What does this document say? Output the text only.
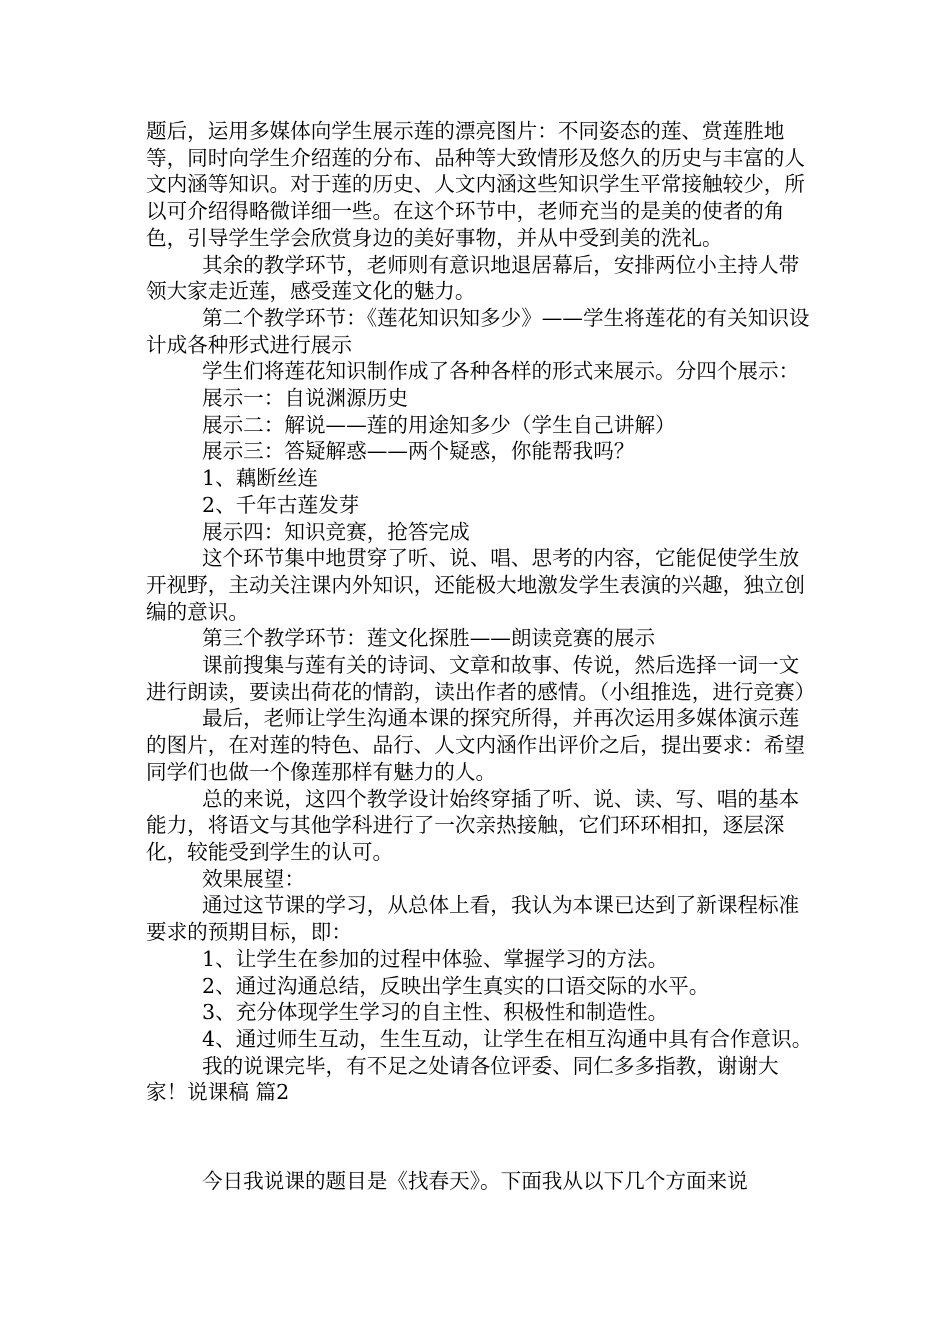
题后，运用多媒体向学生展示莲的漂亮图片：不同姿态的莲、赏莲胜地等，同时向学生介绍莲的分布、品种等大致情形及悠久的历史与丰富的人文内涵等知识。对于莲的历史、人文内涵这些知识学生平常接触较少，所以可介绍得略微详细一些。在这个环节中，老师充当的是美的使者的角色，引导学生学会欣赏身边的美好事物，并从中受到美的洗礼。

其余的教学环节，老师则有意识地退居幕后，安排两位小主持人带领大家走近莲，感受莲文化的魅力。

第二个教学环节：《莲花知识知多少》——学生将莲花的有关知识设计成各种形式进行展示

学生们将莲花知识制作成了各种各样的形式来展示。分四个展示：

展示一：自说渊源历史

展示二：解说——莲的用途知多少（学生自己讲解）

展示三：答疑解惑——两个疑惑，你能帮我吗？

1、藕断丝连

2、千年古莲发芽

展示四：知识竞赛，抢答完成

这个环节集中地贯穿了听、说、唱、思考的内容，它能促使学生放开视野，主动关注课内外知识，还能极大地激发学生表演的兴趣，独立创编的意识。

第三个教学环节：莲文化探胜——朗读竞赛的展示

课前搜集与莲有关的诗词、文章和故事、传说，然后选择一词一文进行朗读，要读出荷花的情韵，读出作者的感情。（小组推选，进行竞赛）

最后，老师让学生沟通本课的探究所得，并再次运用多媒体演示莲的图片，在对莲的特色、品行、人文内涵作出评价之后，提出要求：希望同学们也做一个像莲那样有魅力的人。

总的来说，这四个教学设计始终穿插了听、说、读、写、唱的基本能力，将语文与其他学科进行了一次亲热接触，它们环环相扣，逐层深化，较能受到学生的认可。

效果展望：

通过这节课的学习，从总体上看，我认为本课已达到了新课程标准要求的预期目标，即：

1、让学生在参加的过程中体验、掌握学习的方法。

2、通过沟通总结，反映出学生真实的口语交际的水平。

3、充分体现学生学习的自主性、积极性和制造性。

4、通过师生互动，生生互动，让学生在相互沟通中具有合作意识。

我的说课完毕，有不足之处请各位评委、同仁多多指教，谢谢大家！说课稿 篇2

今日我说课的题目是《找春天》。下面我从以下几个方面来说
